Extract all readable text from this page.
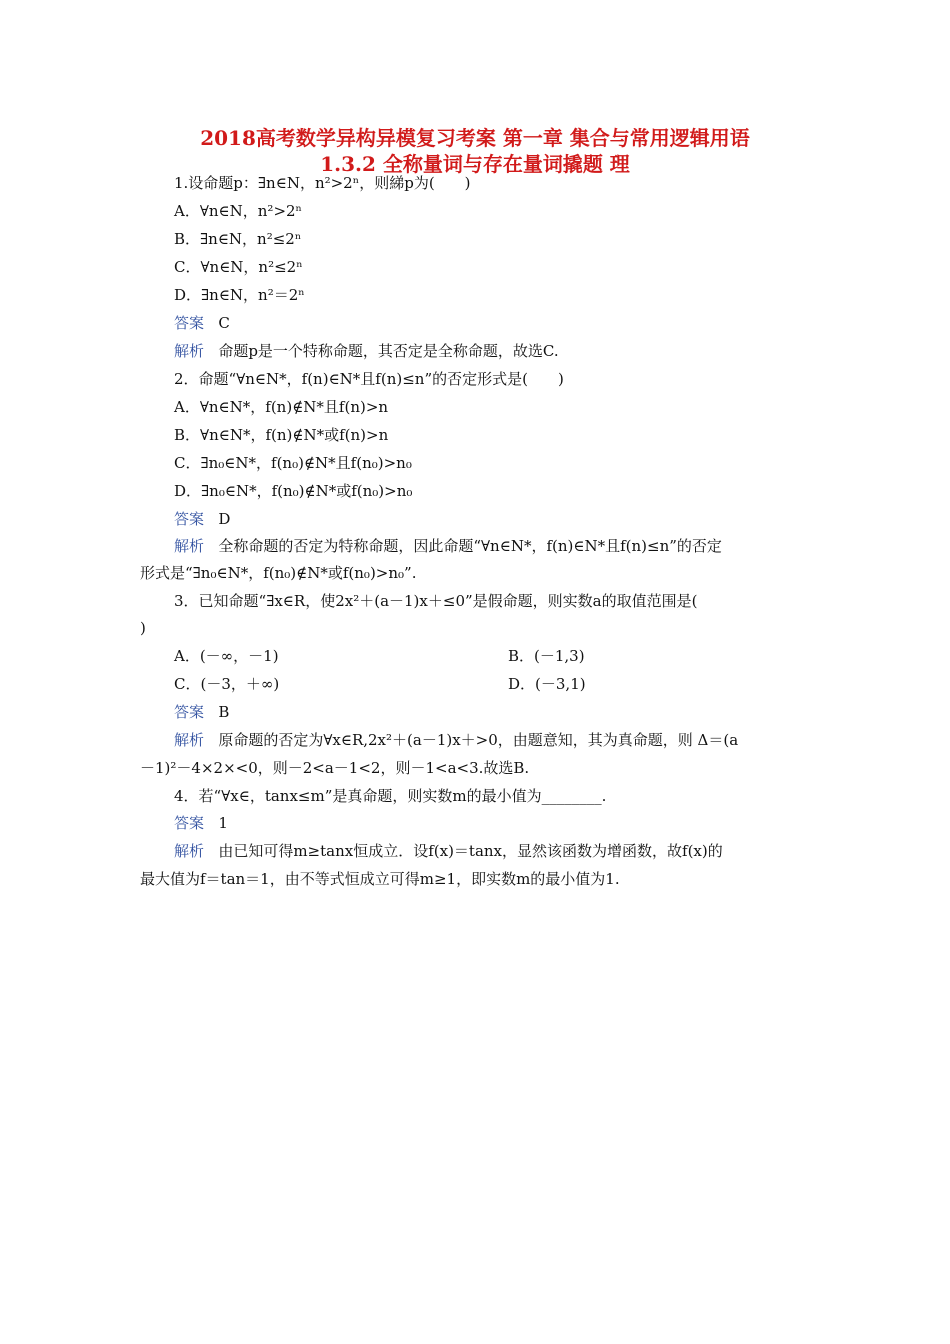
2018高考数学异构异模复习考案 第一章 集合与常用逻辑用语
1.3.2 全称量词与存在量词撬题 理
1.设命题p：∃n∈N，n²>2ⁿ，则綈p为(　　)
A．∀n∈N，n²>2ⁿ
B．∃n∈N，n²≤2ⁿ
C．∀n∈N，n²≤2ⁿ
D．∃n∈N，n²＝2ⁿ
答案 C
解析 命题p是一个特称命题，其否定是全称命题，故选C.
2．命题“∀n∈N*，f(n)∈N*且f(n)≤n”的否定形式是(　　)
A．∀n∈N*，f(n)∉N*且f(n)>n
B．∀n∈N*，f(n)∉N*或f(n)>n
C．∃n₀∈N*，f(n₀)∉N*且f(n₀)>n₀
D．∃n₀∈N*，f(n₀)∉N*或f(n₀)>n₀
答案 D
解析 全称命题的否定为特称命题，因此命题“∀n∈N*，f(n)∈N*且f(n)≤n”的否定
形式是“∃n₀∈N*，f(n₀)∉N*或f(n₀)>n₀”.
3．已知命题“∃x∈R，使2x²＋(a－1)x＋≤0”是假命题，则实数a的取值范围是(
)
A．(－∞，－1)	B．(－1,3)
C．(－3，＋∞)	D．(－3,1)
答案 B
解析 原命题的否定为∀x∈R,2x²＋(a－1)x＋>0，由题意知，其为真命题，则 Δ＝(a
－1)²－4×2×<0，则－2<a－1<2，则－1<a<3.故选B.
4．若“∀x∈，tanx≤m”是真命题，则实数m的最小值为________.
答案 1
解析 由已知可得m≥tanx恒成立．设f(x)＝tanx，显然该函数为增函数，故f(x)的
最大值为f＝tan＝1，由不等式恒成立可得m≥1，即实数m的最小值为1.
